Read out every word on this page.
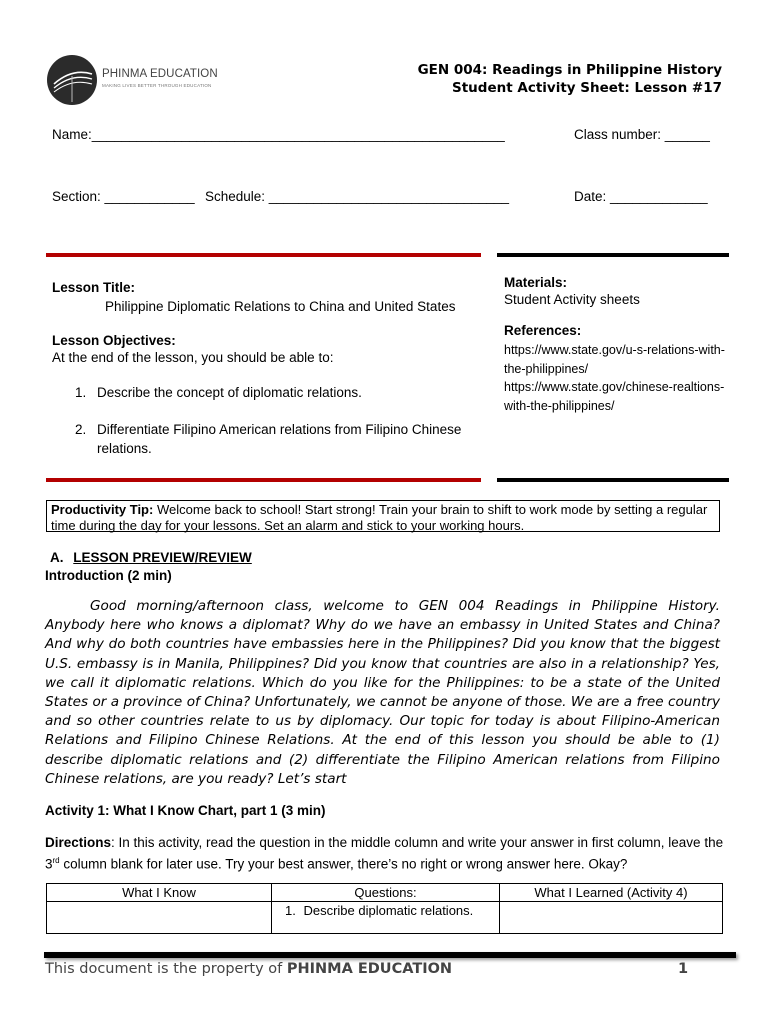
PHINMA EDUCATION
MAKING LIVES BETTER THROUGH EDUCATION
GEN 004: Readings in Philippine History
Student Activity Sheet: Lesson #17
Name:_______________________________________________________	Class number: ______
Section: ____________ Schedule: ________________________________	Date: _____________
Lesson Title:
Philippine Diplomatic Relations to China and United States
Lesson Objectives:
At the end of the lesson, you should be able to:
1. Describe the concept of diplomatic relations.
2. Differentiate Filipino American relations from Filipino Chinese relations.
Materials:
Student Activity sheets
References:
https://www.state.gov/u-s-relations-with-the-philippines/
https://www.state.gov/chinese-realtions-with-the-philippines/
Productivity Tip: Welcome back to school! Start strong! Train your brain to shift to work mode by setting a regular time during the day for your lessons. Set an alarm and stick to your working hours.
A. LESSON PREVIEW/REVIEW
Introduction (2 min)

Good morning/afternoon class, welcome to GEN 004 Readings in Philippine History. Anybody here who knows a diplomat? Why do we have an embassy in United States and China? And why do both countries have embassies here in the Philippines? Did you know that the biggest U.S. embassy is in Manila, Philippines? Did you know that countries are also in a relationship? Yes, we call it diplomatic relations. Which do you like for the Philippines: to be a state of the United States or a province of China? Unfortunately, we cannot be anyone of those. We are a free country and so other countries relate to us by diplomacy. Our topic for today is about Filipino-American Relations and Filipino Chinese Relations. At the end of this lesson you should be able to (1) describe diplomatic relations and (2) differentiate the Filipino American relations from Filipino Chinese relations, are you ready? Let’s start

Activity 1: What I Know Chart, part 1 (3 min)
Directions: In this activity, read the question in the middle column and write your answer in first column, leave the 3rd column blank for later use. Try your best answer, there’s no right or wrong answer here. Okay?
What I Know	Questions:	What I Learned (Activity 4)
	1. Describe diplomatic relations.	
This document is the property of PHINMA EDUCATION	1
